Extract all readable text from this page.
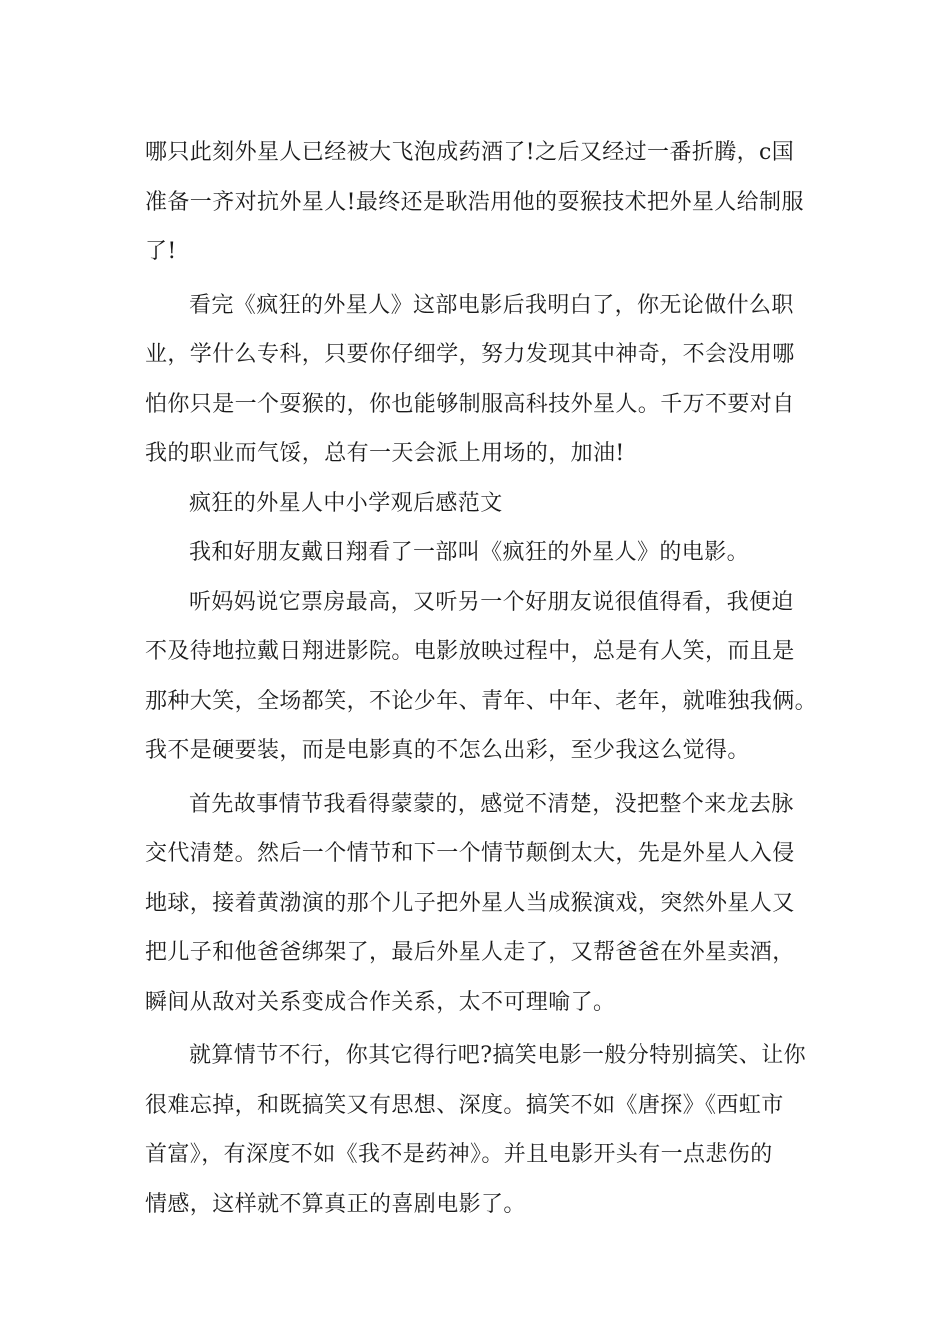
哪只此刻外星人已经被大飞泡成药酒了!之后又经过一番折腾，c国
准备一齐对抗外星人!最终还是耿浩用他的耍猴技术把外星人给制服
了!
看完《疯狂的外星人》这部电影后我明白了，你无论做什么职
业，学什么专科，只要你仔细学，努力发现其中神奇，不会没用哪
怕你只是一个耍猴的，你也能够制服高科技外星人。千万不要对自
我的职业而气馁，总有一天会派上用场的，加油!
疯狂的外星人中小学观后感范文
我和好朋友戴日翔看了一部叫《疯狂的外星人》的电影。
听妈妈说它票房最高，又听另一个好朋友说很值得看，我便迫
不及待地拉戴日翔进影院。电影放映过程中，总是有人笑，而且是
那种大笑，全场都笑，不论少年、青年、中年、老年，就唯独我俩。
我不是硬要装，而是电影真的不怎么出彩，至少我这么觉得。
首先故事情节我看得蒙蒙的，感觉不清楚，没把整个来龙去脉
交代清楚。然后一个情节和下一个情节颠倒太大，先是外星人入侵
地球，接着黄渤演的那个儿子把外星人当成猴演戏，突然外星人又
把儿子和他爸爸绑架了，最后外星人走了，又帮爸爸在外星卖酒，
瞬间从敌对关系变成合作关系，太不可理喻了。
就算情节不行，你其它得行吧?搞笑电影一般分特别搞笑、让你
很难忘掉，和既搞笑又有思想、深度。搞笑不如《唐探》《西虹市
首富》，有深度不如《我不是药神》。并且电影开头有一点悲伤的
情感，这样就不算真正的喜剧电影了。
